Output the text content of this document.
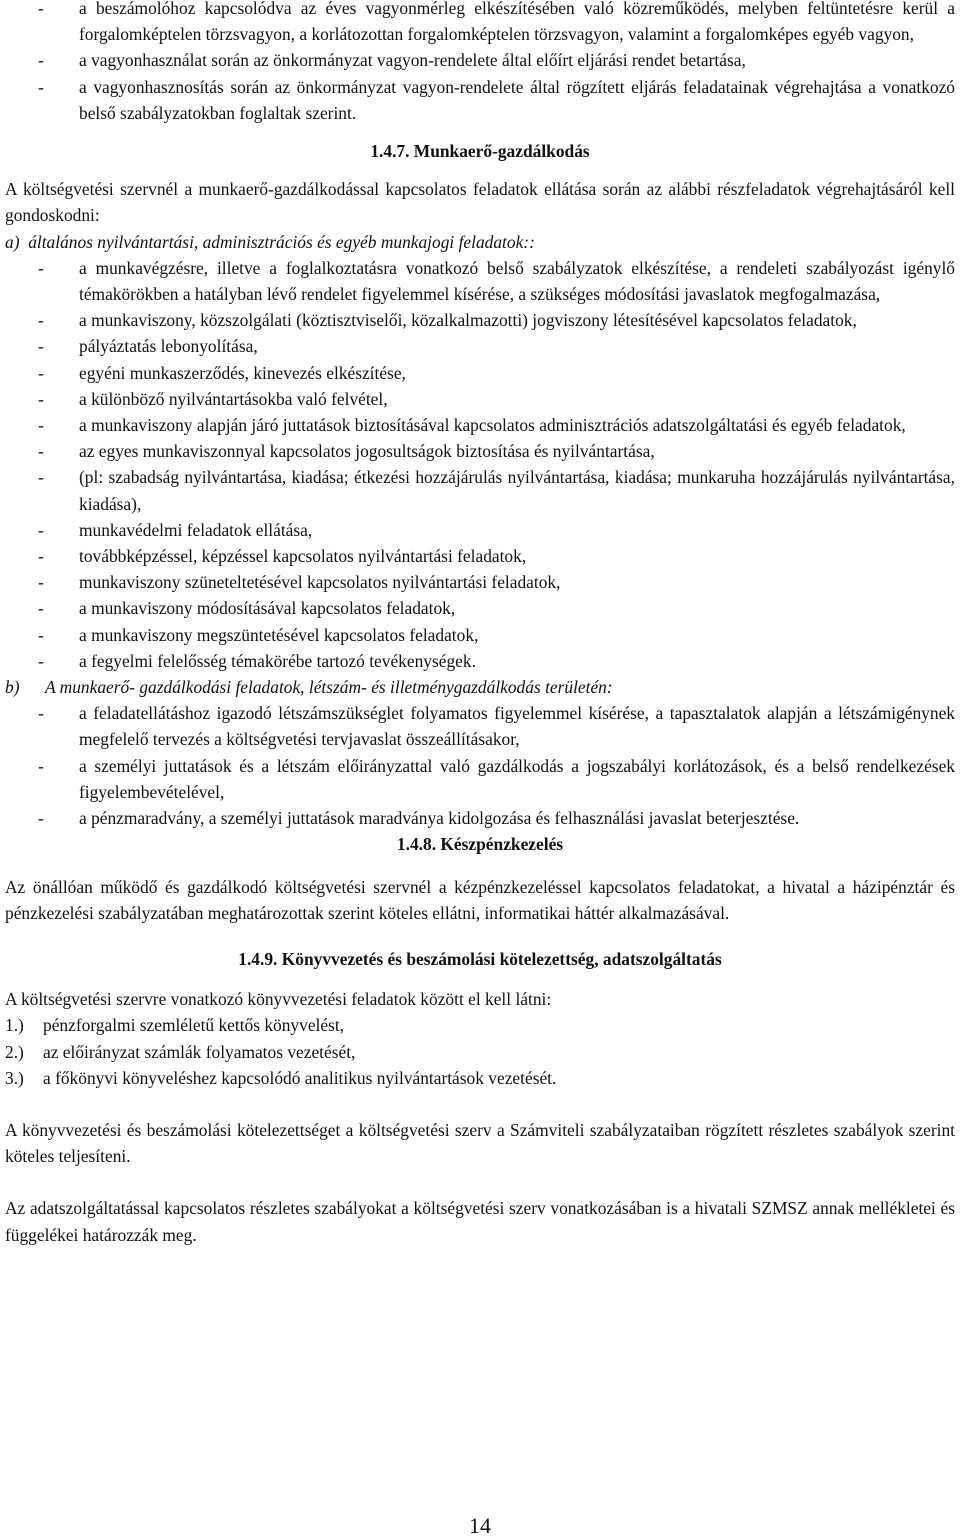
- a beszámolóhoz kapcsolódva az éves vagyonmérleg elkészítésében való közreműködés, melyben feltüntetésre kerül a forgalomképtelen törzsvagyon, a korlátozottan forgalomképtelen törzsvagyon, valamint a forgalomképes egyéb vagyon,
- a vagyonhasználat során az önkormányzat vagyon-rendelete által előírt eljárási rendet betartása,
- a vagyonhasznosítás során az önkormányzat vagyon-rendelete által rögzített eljárás feladatainak végrehajtása a vonatkozó belső szabályzatokban foglaltak szerint.
1.4.7. Munkaerő-gazdálkodás

A költségvetési szervnél a munkaerő-gazdálkodással kapcsolatos feladatok ellátása során az alábbi részfeladatok végrehajtásáról kell gondoskodni:

a) általános nyilvántartási, adminisztrációs és egyéb munkajogi feladatok::
- a munkavégzésre, illetve a foglalkoztatásra vonatkozó belső szabályzatok elkészítése, a rendeleti szabályozást igénylő témakörökben a hatályban lévő rendelet figyelemmel kísérése, a szükséges módosítási javaslatok megfogalmazása,
- a munkaviszony, közszolgálati (köztisztviselői, közalkalmazotti) jogviszony létesítésével kapcsolatos feladatok,
- pályáztatás lebonyolítása,
- egyéni munkaszerződés, kinevezés elkészítése,
- a különböző nyilvántartásokba való felvétel,
- a munkaviszony alapján járó juttatások biztosításával kapcsolatos adminisztrációs adatszolgáltatási és egyéb feladatok,
- az egyes munkaviszonnyal kapcsolatos jogosultságok biztosítása és nyilvántartása,
- (pl: szabadság nyilvántartása, kiadása; étkezési hozzájárulás nyilvántartása, kiadása; munkaruha hozzájárulás nyilvántartása, kiadása),
- munkavédelmi feladatok ellátása,
- továbbképzéssel, képzéssel kapcsolatos nyilvántartási feladatok,
- munkaviszony szüneteltetésével kapcsolatos nyilvántartási feladatok,
- a munkaviszony módosításával kapcsolatos feladatok,
- a munkaviszony megszüntetésével kapcsolatos feladatok,
- a fegyelmi felelősség témakörébe tartozó tevékenységek.
b) A munkaerő- gazdálkodási feladatok, létszám- és illetménygazdálkodás területén:
- a feladatellátáshoz igazodó létszámszükséglet folyamatos figyelemmel kísérése, a tapasztalatok alapján a létszámigénynek megfelelő tervezés a költségvetési tervjavaslat összeállításakor,
- a személyi juttatások és a létszám előirányzattal való gazdálkodás a jogszabályi korlátozások, és a belső rendelkezések figyelembevételével,
- a pénzmaradvány, a személyi juttatások maradványa kidolgozása és felhasználási javaslat beterjesztése.
1.4.8. Készpénzkezelés

Az önállóan működő és gazdálkodó költségvetési szervnél a kézpénzkezeléssel kapcsolatos feladatokat, a hivatal a házipénztár és pénzkezelési szabályzatában meghatározottak szerint köteles ellátni, informatikai háttér alkalmazásával.

1.4.9. Könyvvezetés és beszámolási kötelezettség, adatszolgáltatás

A költségvetési szervre vonatkozó könyvvezetési feladatok között el kell látni:

1.) pénzforgalmi szemléletű kettős könyvelést,
2.) az előirányzat számlák folyamatos vezetését,
3.) a főkönyvi könyveléshez kapcsolódó analitikus nyilvántartások vezetését.

A könyvvezetési és beszámolási kötelezettséget a költségvetési szerv a Számviteli szabályzataiban rögzített részletes szabályok szerint köteles teljesíteni.

Az adatszolgáltatással kapcsolatos részletes szabályokat a költségvetési szerv vonatkozásában is a hivatali SZMSZ annak mellékletei és függelékei határozzák meg.

14
